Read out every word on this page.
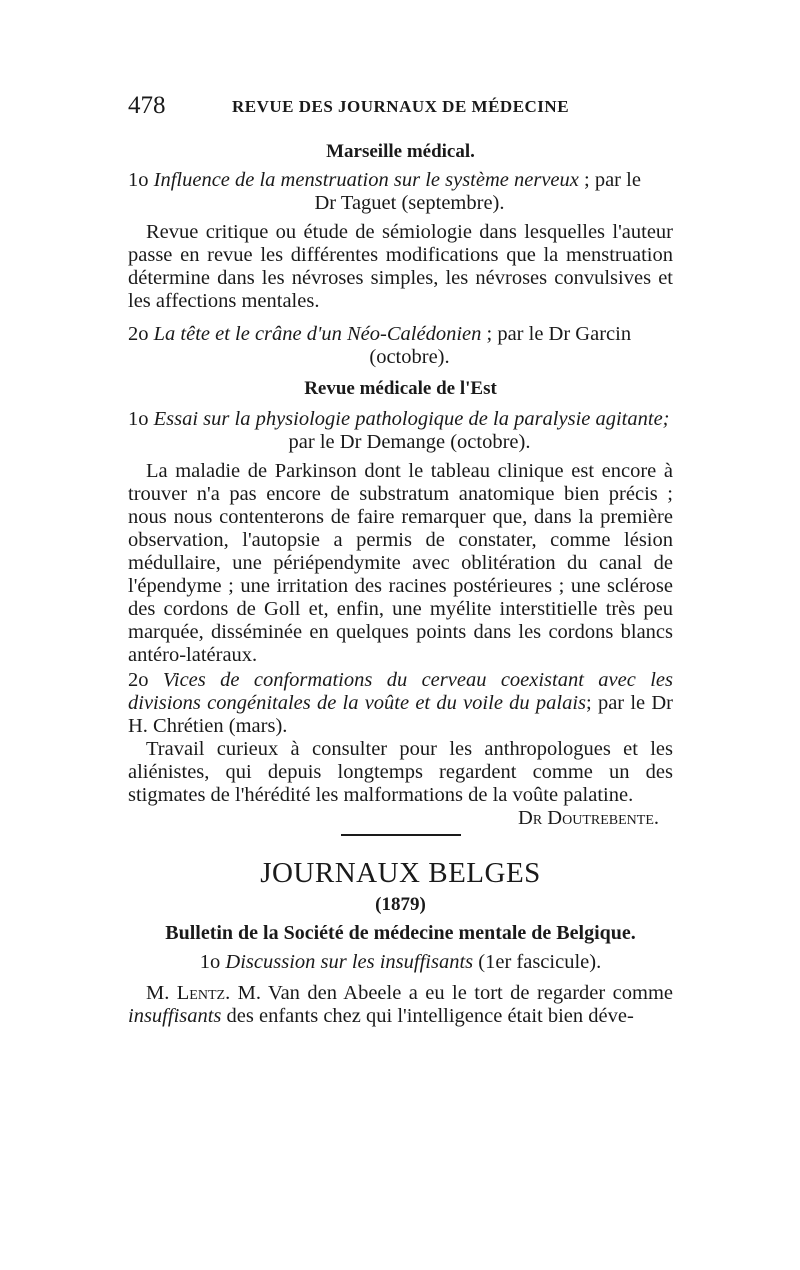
478	REVUE DES JOURNAUX DE MÉDECINE

Marseille médical.

1o Influence de la menstruation sur le système nerveux ; par le
Dr Taguet (septembre).

Revue critique ou étude de sémiologie dans lesquelles l'auteur passe en revue les différentes modifications que la menstruation détermine dans les névroses simples, les névroses convulsives et les affections mentales.

2o La tête et le crâne d'un Néo-Calédonien ; par le Dr Garcin
(octobre).

Revue médicale de l'Est

1o Essai sur la physiologie pathologique de la paralysie agitante;
par le Dr Demange (octobre).

La maladie de Parkinson dont le tableau clinique est encore à trouver n'a pas encore de substratum anatomique bien précis ; nous nous contenterons de faire remarquer que, dans la première observation, l'autopsie a permis de constater, comme lésion médullaire, une périépendymite avec oblitération du canal de l'épendyme ; une irritation des racines postérieures ; une sclérose des cordons de Goll et, enfin, une myélite interstitielle très peu marquée, disséminée en quelques points dans les cordons blancs antéro-latéraux.

2o Vices de conformations du cerveau coexistant avec les divisions congénitales de la voûte et du voile du palais; par le Dr H. Chrétien (mars).

Travail curieux à consulter pour les anthropologues et les aliénistes, qui depuis longtemps regardent comme un des stigmates de l'hérédité les malformations de la voûte palatine.

Dr Doutrebente.

JOURNAUX BELGES
(1879)
Bulletin de la Société de médecine mentale de Belgique.

1o Discussion sur les insuffisants (1er fascicule).

M. Lentz. M. Van den Abeele a eu le tort de regarder comme insuffisants des enfants chez qui l'intelligence était bien déve-
